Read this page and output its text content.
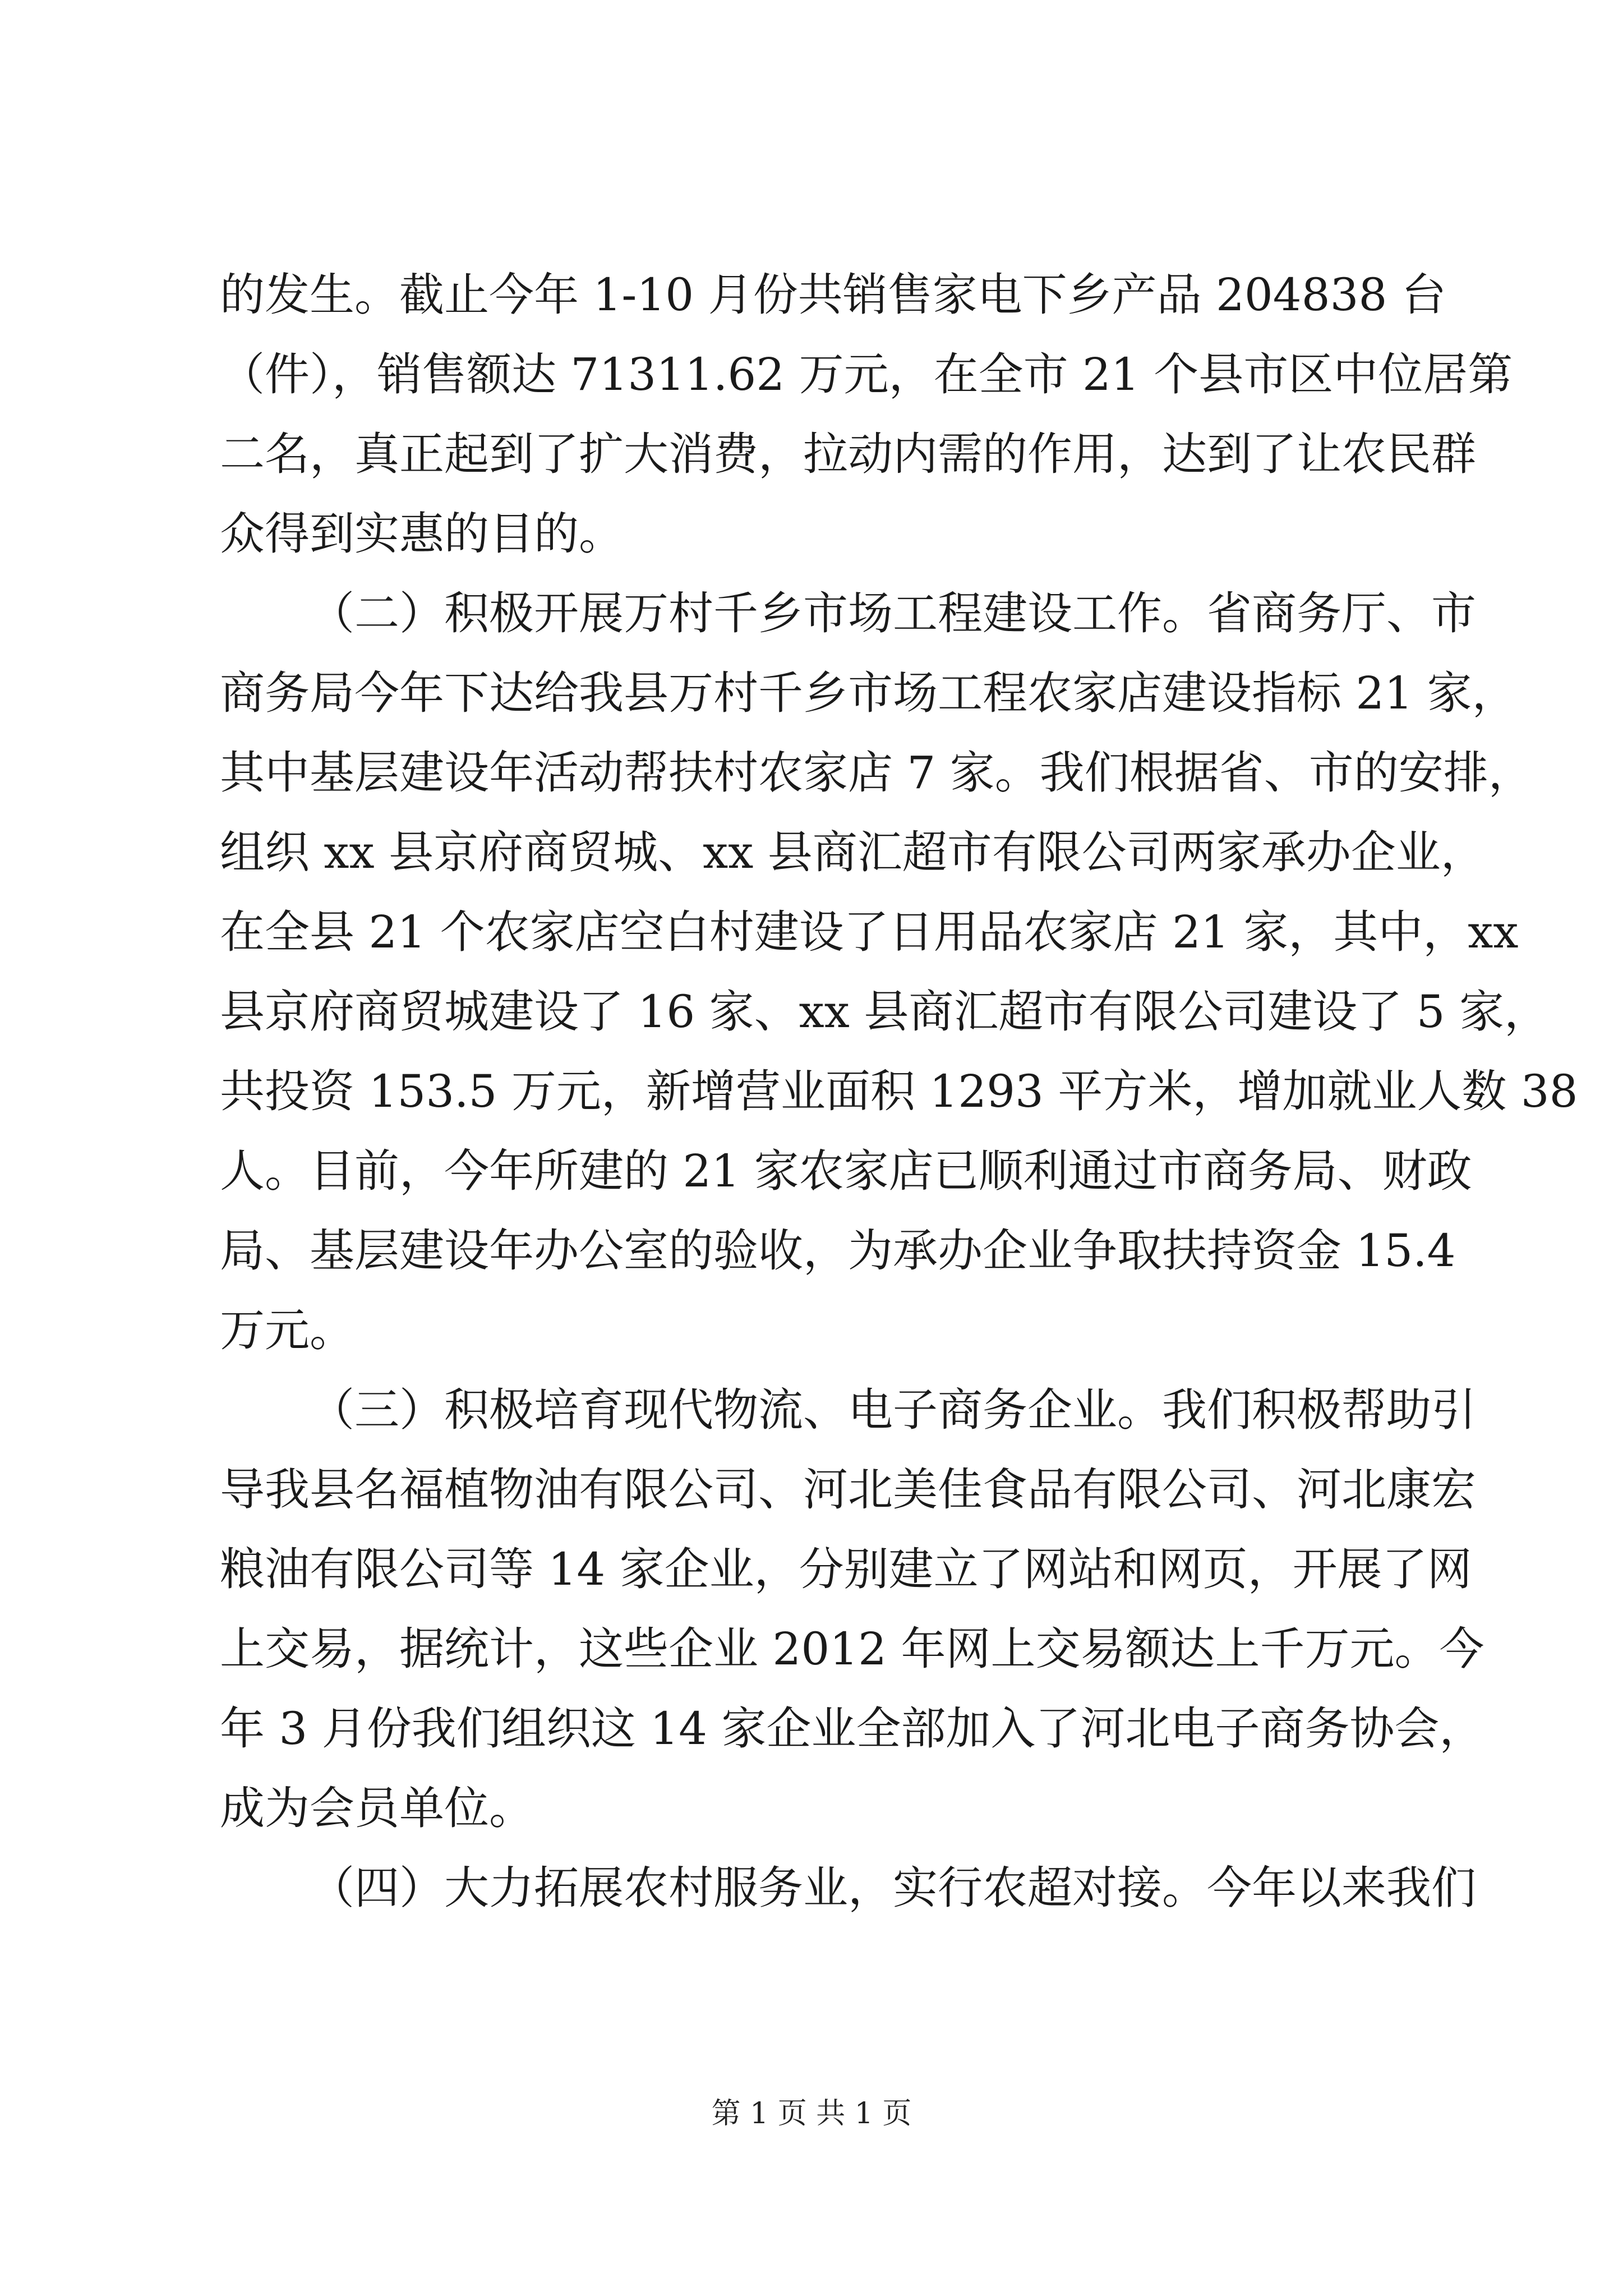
的发生。截止今年 1-10 月份共销售家电下乡产品 204838 台
（件），销售额达 71311.62 万元，在全市 21 个县市区中位居第
二名，真正起到了扩大消费，拉动内需的作用，达到了让农民群
众得到实惠的目的。
（二）积极开展万村千乡市场工程建设工作。省商务厅、市
商务局今年下达给我县万村千乡市场工程农家店建设指标 21 家，
其中基层建设年活动帮扶村农家店 7 家。我们根据省、市的安排，
组织 xx 县京府商贸城、xx 县商汇超市有限公司两家承办企业，
在全县 21 个农家店空白村建设了日用品农家店 21 家，其中，xx
县京府商贸城建设了 16 家、xx 县商汇超市有限公司建设了 5 家，
共投资 153.5 万元，新增营业面积 1293 平方米，增加就业人数 38
人。目前，今年所建的 21 家农家店已顺利通过市商务局、财政
局、基层建设年办公室的验收，为承办企业争取扶持资金 15.4
万元。
（三）积极培育现代物流、电子商务企业。我们积极帮助引
导我县名福植物油有限公司、河北美佳食品有限公司、河北康宏
粮油有限公司等 14 家企业，分别建立了网站和网页，开展了网
上交易，据统计，这些企业 2012 年网上交易额达上千万元。今
年 3 月份我们组织这 14 家企业全部加入了河北电子商务协会，
成为会员单位。
（四）大力拓展农村服务业，实行农超对接。今年以来我们
第 1 页 共 1 页
